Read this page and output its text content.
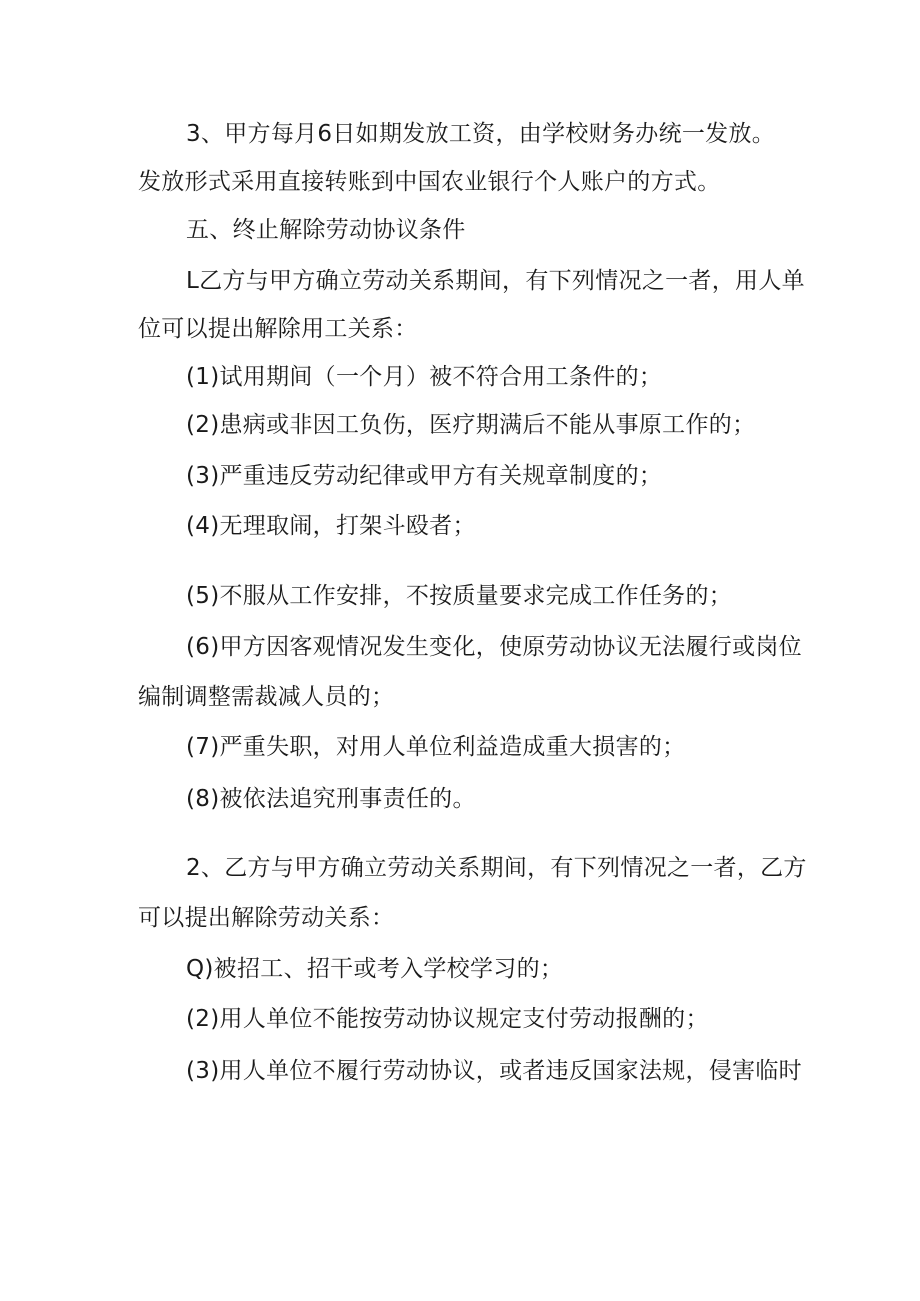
3、甲方每月6日如期发放工资，由学校财务办统一发放。
发放形式采用直接转账到中国农业银行个人账户的方式。
五、终止解除劳动协议条件
L乙方与甲方确立劳动关系期间，有下列情况之一者，用人单
位可以提出解除用工关系：
(1)试用期间（一个月）被不符合用工条件的；
(2)患病或非因工负伤，医疗期满后不能从事原工作的；
(3)严重违反劳动纪律或甲方有关规章制度的；
(4)无理取闹，打架斗殴者；
(5)不服从工作安排，不按质量要求完成工作任务的；
(6)甲方因客观情况发生变化，使原劳动协议无法履行或岗位
编制调整需裁减人员的；
(7)严重失职，对用人单位利益造成重大损害的；
(8)被依法追究刑事责任的。
2、乙方与甲方确立劳动关系期间，有下列情况之一者，乙方
可以提出解除劳动关系：
Q)被招工、招干或考入学校学习的；
(2)用人单位不能按劳动协议规定支付劳动报酬的；
(3)用人单位不履行劳动协议，或者违反国家法规，侵害临时
